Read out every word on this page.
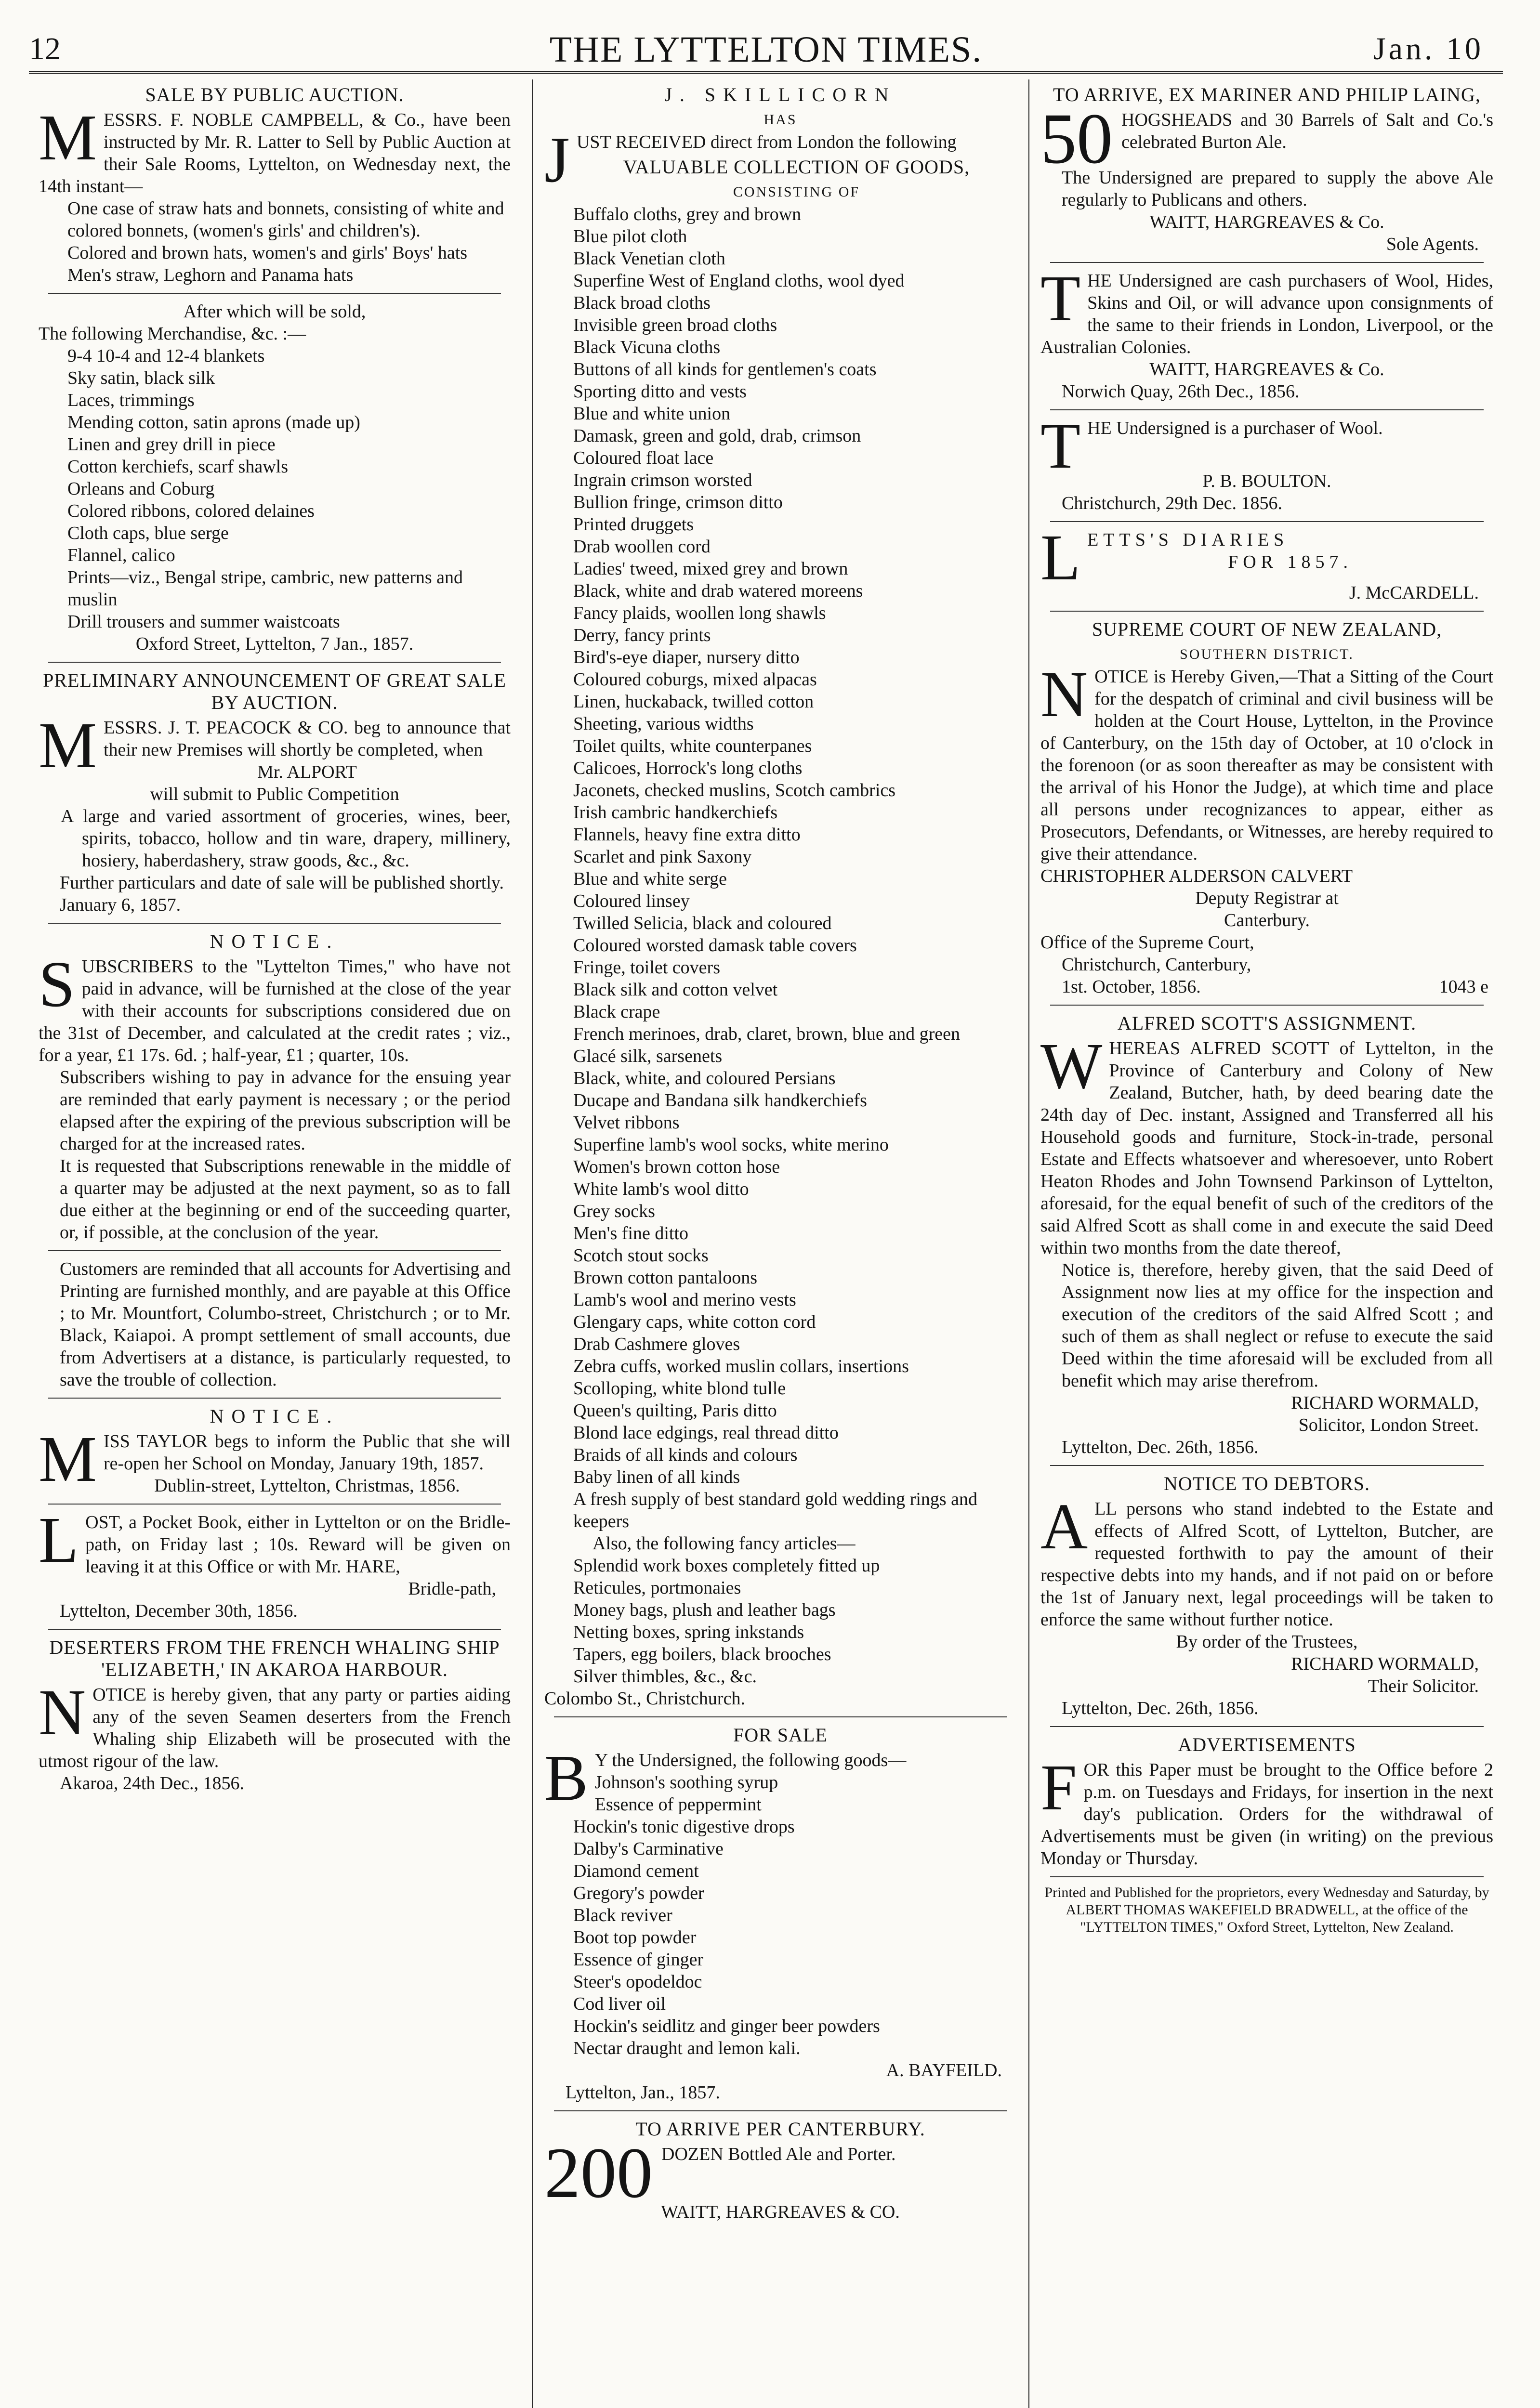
12	THE LYTTELTON TIMES.	Jan. 10
SALE BY PUBLIC AUCTION.

MESSRS. F. NOBLE CAMPBELL, & Co., have been instructed by Mr. R. Latter to Sell by Public Auction at their Sale Rooms, Lyttelton, on Wednesday next, the 14th instant—

One case of straw hats and bonnets, consisting of white and colored bonnets, (women's girls' and children's).
Colored and brown hats, women's and girls' Boys' hats
Men's straw, Leghorn and Panama hats
After which will be sold,
The following Merchandise, &c. :—
9-4 10-4 and 12-4 blankets
Sky satin, black silk
Laces, trimmings
Mending cotton, satin aprons (made up)
Linen and grey drill in piece
Cotton kerchiefs, scarf shawls
Orleans and Coburg
Colored ribbons, colored delaines
Cloth caps, blue serge
Flannel, calico
Prints—viz., Bengal stripe, cambric, new patterns and muslin
Drill trousers and summer waistcoats
Oxford Street, Lyttelton, 7 Jan., 1857.
PRELIMINARY ANNOUNCEMENT OF GREAT SALE BY AUCTION.

MESSRS. J. T. PEACOCK & CO. beg to announce that their new Premises will shortly be completed, when

Mr. ALPORT
will submit to Public Competition

A large and varied assortment of groceries, wines, beer, spirits, tobacco, hollow and tin ware, drapery, millinery, hosiery, haberdashery, straw goods, &c., &c.

Further particulars and date of sale will be published shortly.

January 6, 1857.
NOTICE.

SUBSCRIBERS to the "Lyttelton Times," who have not paid in advance, will be furnished at the close of the year with their accounts for subscriptions considered due on the 31st of December, and calculated at the credit rates ; viz., for a year, £1 17s. 6d. ; half-year, £1 ; quarter, 10s.

Subscribers wishing to pay in advance for the ensuing year are reminded that early payment is necessary ; or the period elapsed after the expiring of the previous subscription will be charged for at the increased rates.

It is requested that Subscriptions renewable in the middle of a quarter may be adjusted at the next payment, so as to fall due either at the beginning or end of the succeeding quarter, or, if possible, at the conclusion of the year.

Customers are reminded that all accounts for Advertising and Printing are furnished monthly, and are payable at this Office ; to Mr. Mountfort, Columbo-street, Christchurch ; or to Mr. Black, Kaiapoi. A prompt settlement of small accounts, due from Advertisers at a distance, is particularly requested, to save the trouble of collection.

NOTICE.

MISS TAYLOR begs to inform the Public that she will re-open her School on Monday, January 19th, 1857.

Dublin-street, Lyttelton, Christmas, 1856.

LOST, a Pocket Book, either in Lyttelton or on the Bridle-path, on Friday last ; 10s. Reward will be given on leaving it at this Office or with Mr. HARE,

Bridle-path,
Lyttelton, December 30th, 1856.
DESERTERS FROM THE FRENCH WHALING SHIP 'ELIZABETH,' IN AKAROA HARBOUR.

NOTICE is hereby given, that any party or parties aiding any of the seven Seamen deserters from the French Whaling ship Elizabeth will be prosecuted with the utmost rigour of the law.

Akaroa, 24th Dec., 1856.
J. SKILLICORN
HAS

JUST RECEIVED direct from London the following

VALUABLE COLLECTION OF GOODS,
CONSISTING OF
Buffalo cloths, grey and brown
Blue pilot cloth
Black Venetian cloth
Superfine West of England cloths, wool dyed
Black broad cloths
Invisible green broad cloths
Black Vicuna cloths
Buttons of all kinds for gentlemen's coats
Sporting ditto and vests
Blue and white union
Damask, green and gold, drab, crimson
Coloured float lace
Ingrain crimson worsted
Bullion fringe, crimson ditto
Printed druggets
Drab woollen cord
Ladies' tweed, mixed grey and brown
Black, white and drab watered moreens
Fancy plaids, woollen long shawls
Derry, fancy prints
Bird's-eye diaper, nursery ditto
Coloured coburgs, mixed alpacas
Linen, huckaback, twilled cotton
Sheeting, various widths
Toilet quilts, white counterpanes
Calicoes, Horrock's long cloths
Jaconets, checked muslins, Scotch cambrics
Irish cambric handkerchiefs
Flannels, heavy fine extra ditto
Scarlet and pink Saxony
Blue and white serge
Coloured linsey
Twilled Selicia, black and coloured
Coloured worsted damask table covers
Fringe, toilet covers
Black silk and cotton velvet
Black crape
French merinoes, drab, claret, brown, blue and green
Glacé silk, sarsenets
Black, white, and coloured Persians
Ducape and Bandana silk handkerchiefs
Velvet ribbons
Superfine lamb's wool socks, white merino
Women's brown cotton hose
White lamb's wool ditto
Grey socks
Men's fine ditto
Scotch stout socks
Brown cotton pantaloons
Lamb's wool and merino vests
Glengary caps, white cotton cord
Drab Cashmere gloves
Zebra cuffs, worked muslin collars, insertions
Scolloping, white blond tulle
Queen's quilting, Paris ditto
Blond lace edgings, real thread ditto
Braids of all kinds and colours
Baby linen of all kinds
A fresh supply of best standard gold wedding rings and keepers
Also, the following fancy articles—
Splendid work boxes completely fitted up
Reticules, portmonaies
Money bags, plush and leather bags
Netting boxes, spring inkstands
Tapers, egg boilers, black brooches
Silver thimbles, &c., &c.
Colombo St., Christchurch.
FOR SALE

B Y the Undersigned, the following goods—

Johnson's soothing syrup
Essence of peppermint
Hockin's tonic digestive drops
Dalby's Carminative
Diamond cement
Gregory's powder
Black reviver
Boot top powder
Essence of ginger
Steer's opodeldoc
Cod liver oil
Hockin's seidlitz and ginger beer powders
Nectar draught and lemon kali.
A. BAYFEILD.
Lyttelton, Jan., 1857.
TO ARRIVE PER CANTERBURY.

200 DOZEN Bottled Ale and Porter.

WAITT, HARGREAVES & CO.
TO ARRIVE, EX MARINER AND PHILIP LAING,

50 HOGSHEADS and 30 Barrels of Salt and Co.'s celebrated Burton Ale.

The Undersigned are prepared to supply the above Ale regularly to Publicans and others.

WAITT, HARGREAVES & Co.
Sole Agents.

THE Undersigned are cash purchasers of Wool, Hides, Skins and Oil, or will advance upon consignments of the same to their friends in London, Liverpool, or the Australian Colonies.

WAITT, HARGREAVES & Co.
Norwich Quay, 26th Dec., 1856.

THE Undersigned is a purchaser of Wool.

P. B. BOULTON.
Christchurch, 29th Dec. 1856.

LETTS'S DIARIES

FOR 1857.
J. McCARDELL.
SUPREME COURT OF NEW ZEALAND,
SOUTHERN DISTRICT.

NOTICE is Hereby Given,—That a Sitting of the Court for the despatch of criminal and civil business will be holden at the Court House, Lyttelton, in the Province of Canterbury, on the 15th day of October, at 10 o'clock in the forenoon (or as soon thereafter as may be consistent with the arrival of his Honor the Judge), at which time and place all persons under recognizances to appear, either as Prosecutors, Defendants, or Witnesses, are hereby required to give their attendance.

CHRISTOPHER ALDERSON CALVERT
Deputy Registrar at
Canterbury.
Office of the Supreme Court,
Christchurch, Canterbury,
1st. October, 1856.	1043 e
ALFRED SCOTT'S ASSIGNMENT.

WHEREAS ALFRED SCOTT of Lyttelton, in the Province of Canterbury and Colony of New Zealand, Butcher, hath, by deed bearing date the 24th day of Dec. instant, Assigned and Transferred all his Household goods and furniture, Stock-in-trade, personal Estate and Effects whatsoever and wheresoever, unto Robert Heaton Rhodes and John Townsend Parkinson of Lyttelton, aforesaid, for the equal benefit of such of the creditors of the said Alfred Scott as shall come in and execute the said Deed within two months from the date thereof,

Notice is, therefore, hereby given, that the said Deed of Assignment now lies at my office for the inspection and execution of the creditors of the said Alfred Scott ; and such of them as shall neglect or refuse to execute the said Deed within the time aforesaid will be excluded from all benefit which may arise therefrom.

RICHARD WORMALD,
Solicitor, London Street.
Lyttelton, Dec. 26th, 1856.
NOTICE TO DEBTORS.

ALL persons who stand indebted to the Estate and effects of Alfred Scott, of Lyttelton, Butcher, are requested forthwith to pay the amount of their respective debts into my hands, and if not paid on or before the 1st of January next, legal proceedings will be taken to enforce the same without further notice.

By order of the Trustees,
RICHARD WORMALD,
Their Solicitor.
Lyttelton, Dec. 26th, 1856.
ADVERTISEMENTS

FOR this Paper must be brought to the Office before 2 p.m. on Tuesdays and Fridays, for insertion in the next day's publication. Orders for the withdrawal of Advertisements must be given (in writing) on the previous Monday or Thursday.

Printed and Published for the proprietors, every Wednesday and Saturday, by ALBERT THOMAS WAKEFIELD BRADWELL, at the office of the "LYTTELTON TIMES," Oxford Street, Lyttelton, New Zealand.
